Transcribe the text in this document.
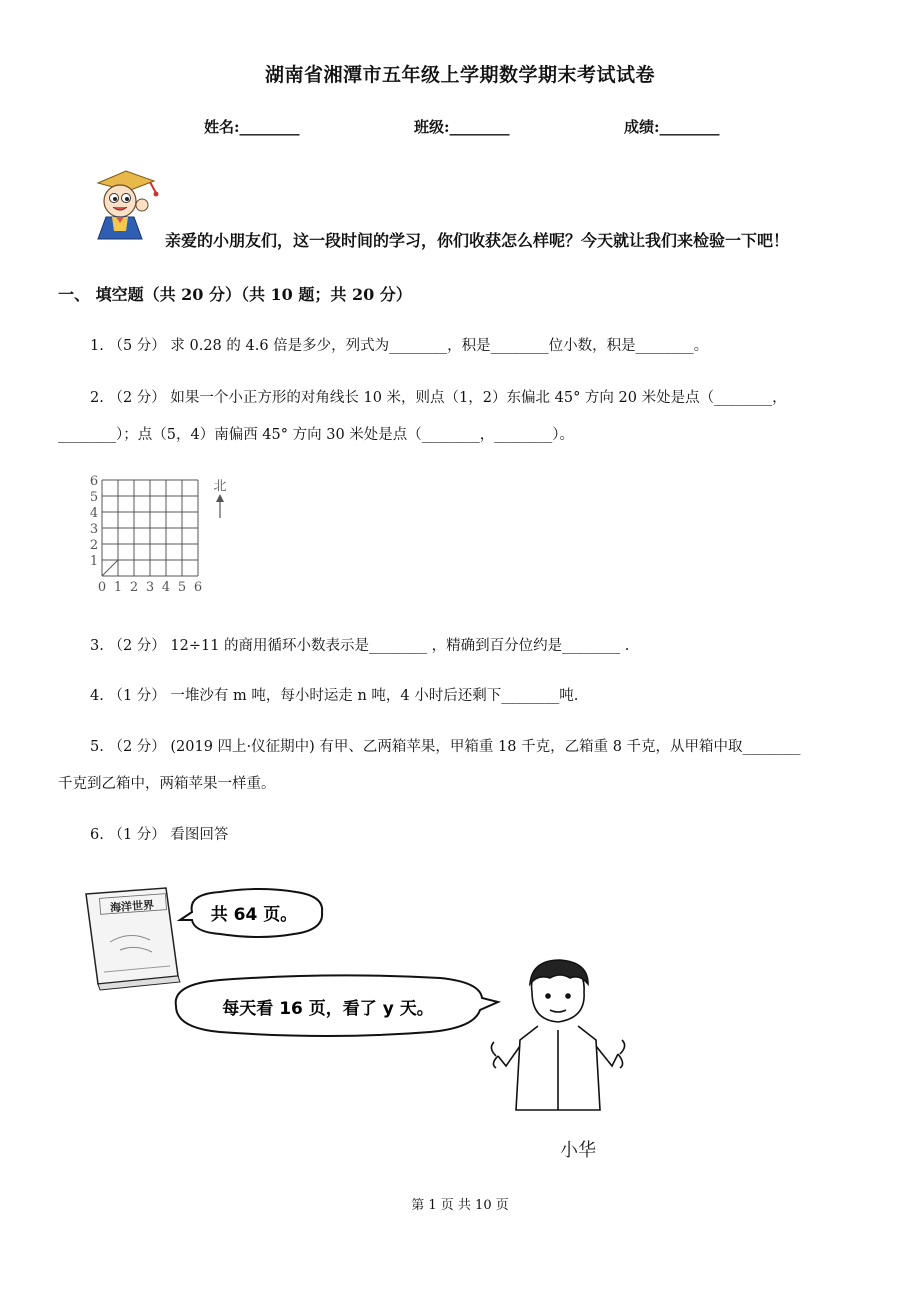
湖南省湘潭市五年级上学期数学期末考试试卷
姓名:________	班级:________	成绩:________
亲爱的小朋友们，这一段时间的学习，你们收获怎么样呢？今天就让我们来检验一下吧！
一、 填空题（共 20 分）（共 10 题；共 20 分）
1. （5 分） 求 0.28 的 4.6 倍是多少，列式为________，积是________位小数，积是________。
2. （2 分） 如果一个小正方形的对角线长 10 米，则点（1，2）东偏北 45° 方向 20 米处是点（________，
________）；点（5，4）南偏西 45° 方向 30 米处是点（________，________）。
6
5
4
3
2
1
0 1 2 3 4 5 6
北
3. （2 分） 12÷11 的商用循环小数表示是________ ，精确到百分位约是________ .
4. （1 分） 一堆沙有 m 吨，每小时运走 n 吨，4 小时后还剩下________吨.
5. （2 分） (2019 四上·仪征期中) 有甲、乙两箱苹果，甲箱重 18 千克，乙箱重 8 千克，从甲箱中取________
千克到乙箱中，两箱苹果一样重。
6. （1 分） 看图回答
海洋世界	共 64 页。
每天看 16 页，看了 y 天。
小华
第 1 页 共 10 页
